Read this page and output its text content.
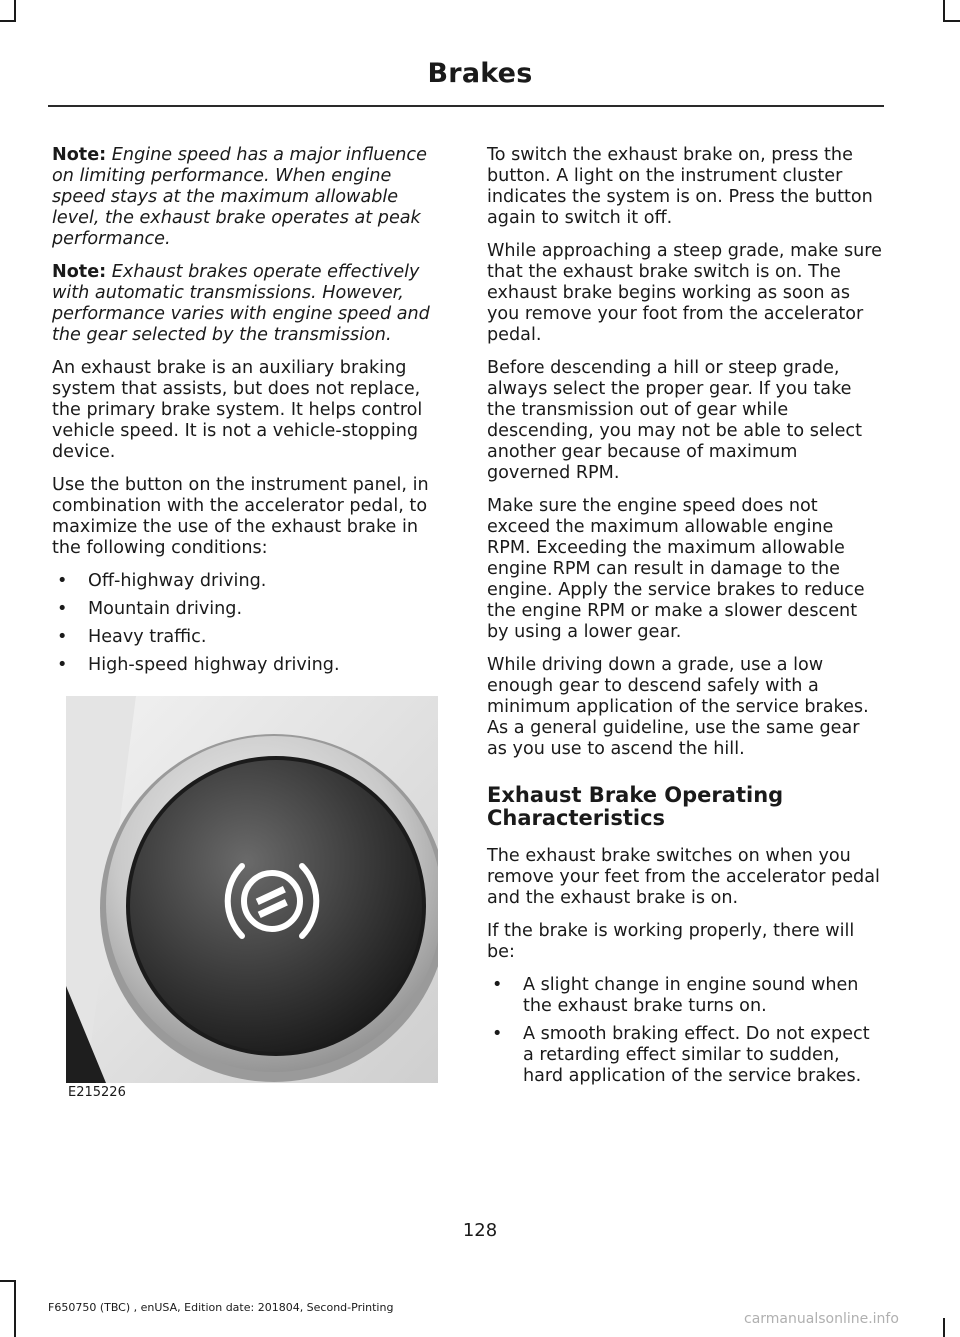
Brakes

Note: Engine speed has a major influence on limiting performance. When engine speed stays at the maximum allowable level, the exhaust brake operates at peak performance.

Note: Exhaust brakes operate effectively with automatic transmissions. However, performance varies with engine speed and the gear selected by the transmission.

An exhaust brake is an auxiliary braking system that assists, but does not replace, the primary brake system. It helps control vehicle speed. It is not a vehicle-stopping device.

Use the button on the instrument panel, in combination with the accelerator pedal, to maximize the use of the exhaust brake in the following conditions:

• Off-highway driving.
• Mountain driving.
• Heavy traffic.
• High-speed highway driving.
E215226

To switch the exhaust brake on, press the button. A light on the instrument cluster indicates the system is on. Press the button again to switch it off.

While approaching a steep grade, make sure that the exhaust brake switch is on. The exhaust brake begins working as soon as you remove your foot from the accelerator pedal.

Before descending a hill or steep grade, always select the proper gear. If you take the transmission out of gear while descending, you may not be able to select another gear because of maximum governed RPM.

Make sure the engine speed does not exceed the maximum allowable engine RPM. Exceeding the maximum allowable engine RPM can result in damage to the engine. Apply the service brakes to reduce the engine RPM or make a slower descent by using a lower gear.

While driving down a grade, use a low enough gear to descend safely with a minimum application of the service brakes. As a general guideline, use the same gear as you use to ascend the hill.

Exhaust Brake Operating Characteristics

The exhaust brake switches on when you remove your feet from the accelerator pedal and the exhaust brake is on.

If the brake is working properly, there will be:

• A slight change in engine sound when the exhaust brake turns on.
• A smooth braking effect. Do not expect a retarding effect similar to sudden, hard application of the service brakes.
128
F650750 (TBC) , enUSA, Edition date: 201804, Second-Printing
carmanualsonline.info
